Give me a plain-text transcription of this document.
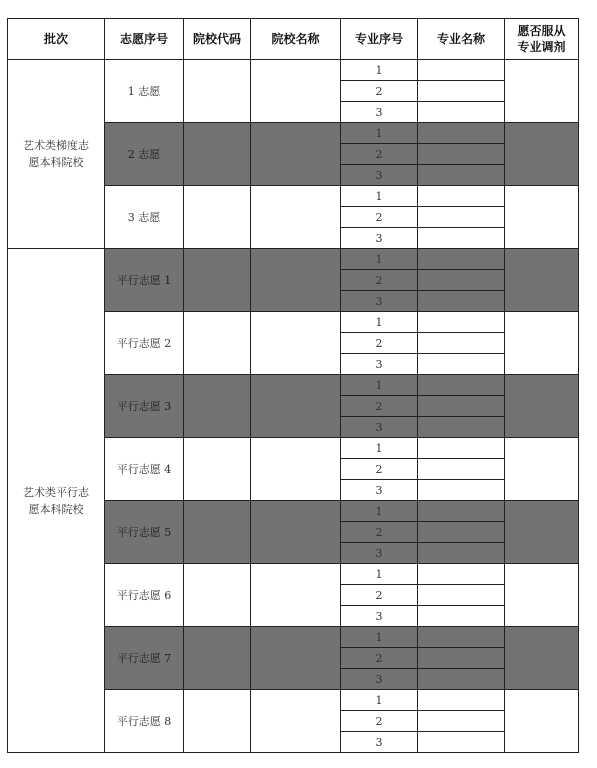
批次	志愿序号	院校代码	院校名称	专业序号	专业名称	愿否服从
专业调剂
艺术类梯度志
愿本科院校	1 志愿			1		
				2		
				3		
	2 志愿			1		
				2		
				3		
	3 志愿			1		
				2		
				3		
艺术类平行志
愿本科院校	平行志愿 1			1		
				2		
				3		
	平行志愿 2			1		
				2		
				3		
	平行志愿 3			1		
				2		
				3		
	平行志愿 4			1		
				2		
				3		
	平行志愿 5			1		
				2		
				3		
	平行志愿 6			1		
				2		
				3		
	平行志愿 7			1		
				2		
				3		
	平行志愿 8			1		
				2		
				3		
